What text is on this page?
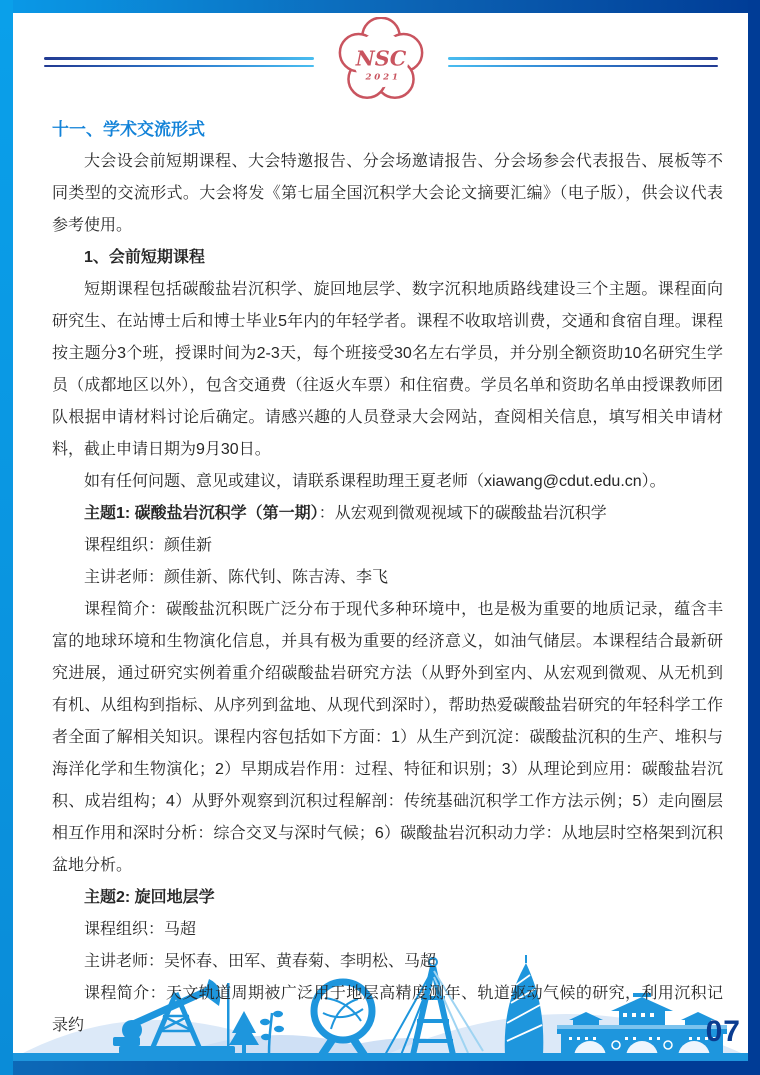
NSC
2021

十一、学术交流形式

大会设会前短期课程、大会特邀报告、分会场邀请报告、分会场参会代表报告、展板等不同类型的交流形式。大会将发《第七届全国沉积学大会论文摘要汇编》（电子版），供会议代表参考使用。

1、会前短期课程

短期课程包括碳酸盐岩沉积学、旋回地层学、数字沉积地质路线建设三个主题。课程面向研究生、在站博士后和博士毕业5年内的年轻学者。课程不收取培训费，交通和食宿自理。课程按主题分3个班，授课时间为2-3天，每个班接受30名左右学员，并分别全额资助10名研究生学员（成都地区以外），包含交通费（往返火车票）和住宿费。学员名单和资助名单由授课教师团队根据申请材料讨论后确定。请感兴趣的人员登录大会网站，查阅相关信息，填写相关申请材料，截止申请日期为9月30日。

如有任何问题、意见或建议，请联系课程助理王夏老师（xiawang@cdut.edu.cn）。

主题1: 碳酸盐岩沉积学（第一期）：从宏观到微观视域下的碳酸盐岩沉积学

课程组织：颜佳新

主讲老师：颜佳新、陈代钊、陈吉涛、李飞

课程简介：碳酸盐沉积既广泛分布于现代多种环境中，也是极为重要的地质记录，蕴含丰富的地球环境和生物演化信息，并具有极为重要的经济意义，如油气储层。本课程结合最新研究进展，通过研究实例着重介绍碳酸盐岩研究方法（从野外到室内、从宏观到微观、从无机到有机、从组构到指标、从序列到盆地、从现代到深时），帮助热爱碳酸盐岩研究的年轻科学工作者全面了解相关知识。课程内容包括如下方面：1）从生产到沉淀：碳酸盐沉积的生产、堆积与海洋化学和生物演化；2）早期成岩作用：过程、特征和识别；3）从理论到应用：碳酸盐岩沉积、成岩组构；4）从野外观察到沉积过程解剖：传统基础沉积学工作方法示例；5）走向圈层相互作用和深时分析：综合交叉与深时气候；6）碳酸盐岩沉积动力学：从地层时空格架到沉积盆地分析。

主题2: 旋回地层学

课程组织：马超

主讲老师：吴怀春、田军、黄春菊、李明松、马超

课程简介：天文轨道周期被广泛用于地层高精度测年、轨道驱动气候的研究，利用沉积记录约	07
